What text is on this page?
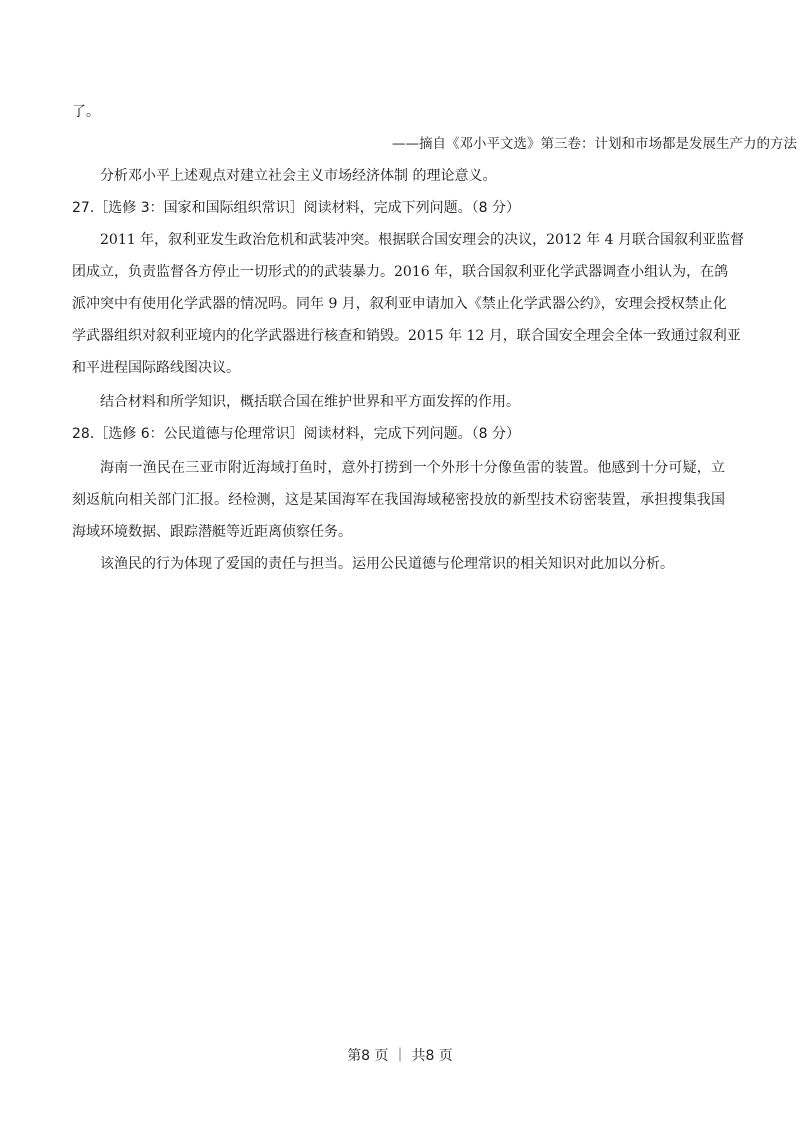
了。
——摘自《邓小平文选》第三卷：计划和市场都是发展生产力的方法
分析邓小平上述观点对建立社会主义市场经济体制 的理论意义。
27.［选修 3：国家和国际组织常识］阅读材料，完成下列问题。（8 分）
2011 年，叙利亚发生政治危机和武装冲突。根据联合国安理会的决议，2012 年 4 月联合国叙利亚监督
团成立，负责监督各方停止一切形式的的武装暴力。2016 年，联合国叙利亚化学武器调查小组认为，在鸽
派冲突中有使用化学武器的情况吗。同年 9 月，叙利亚申请加入《禁止化学武器公约》，安理会授权禁止化
学武器组织对叙利亚境内的化学武器进行核查和销毁。2015 年 12 月，联合国安全理会全体一致通过叙利亚
和平进程国际路线图决议。
结合材料和所学知识，概括联合国在维护世界和平方面发挥的作用。
28.［选修 6：公民道德与伦理常识］阅读材料，完成下列问题。（8 分）
海南一渔民在三亚市附近海域打鱼时，意外打捞到一个外形十分像鱼雷的装置。他感到十分可疑，立
刻返航向相关部门汇报。经检测，这是某国海军在我国海域秘密投放的新型技术窃密装置，承担搜集我国
海域环境数据、跟踪潜艇等近距离侦察任务。
该渔民的行为体现了爱国的责任与担当。运用公民道德与伦理常识的相关知识对此加以分析。
第8 页 ｜ 共8 页
